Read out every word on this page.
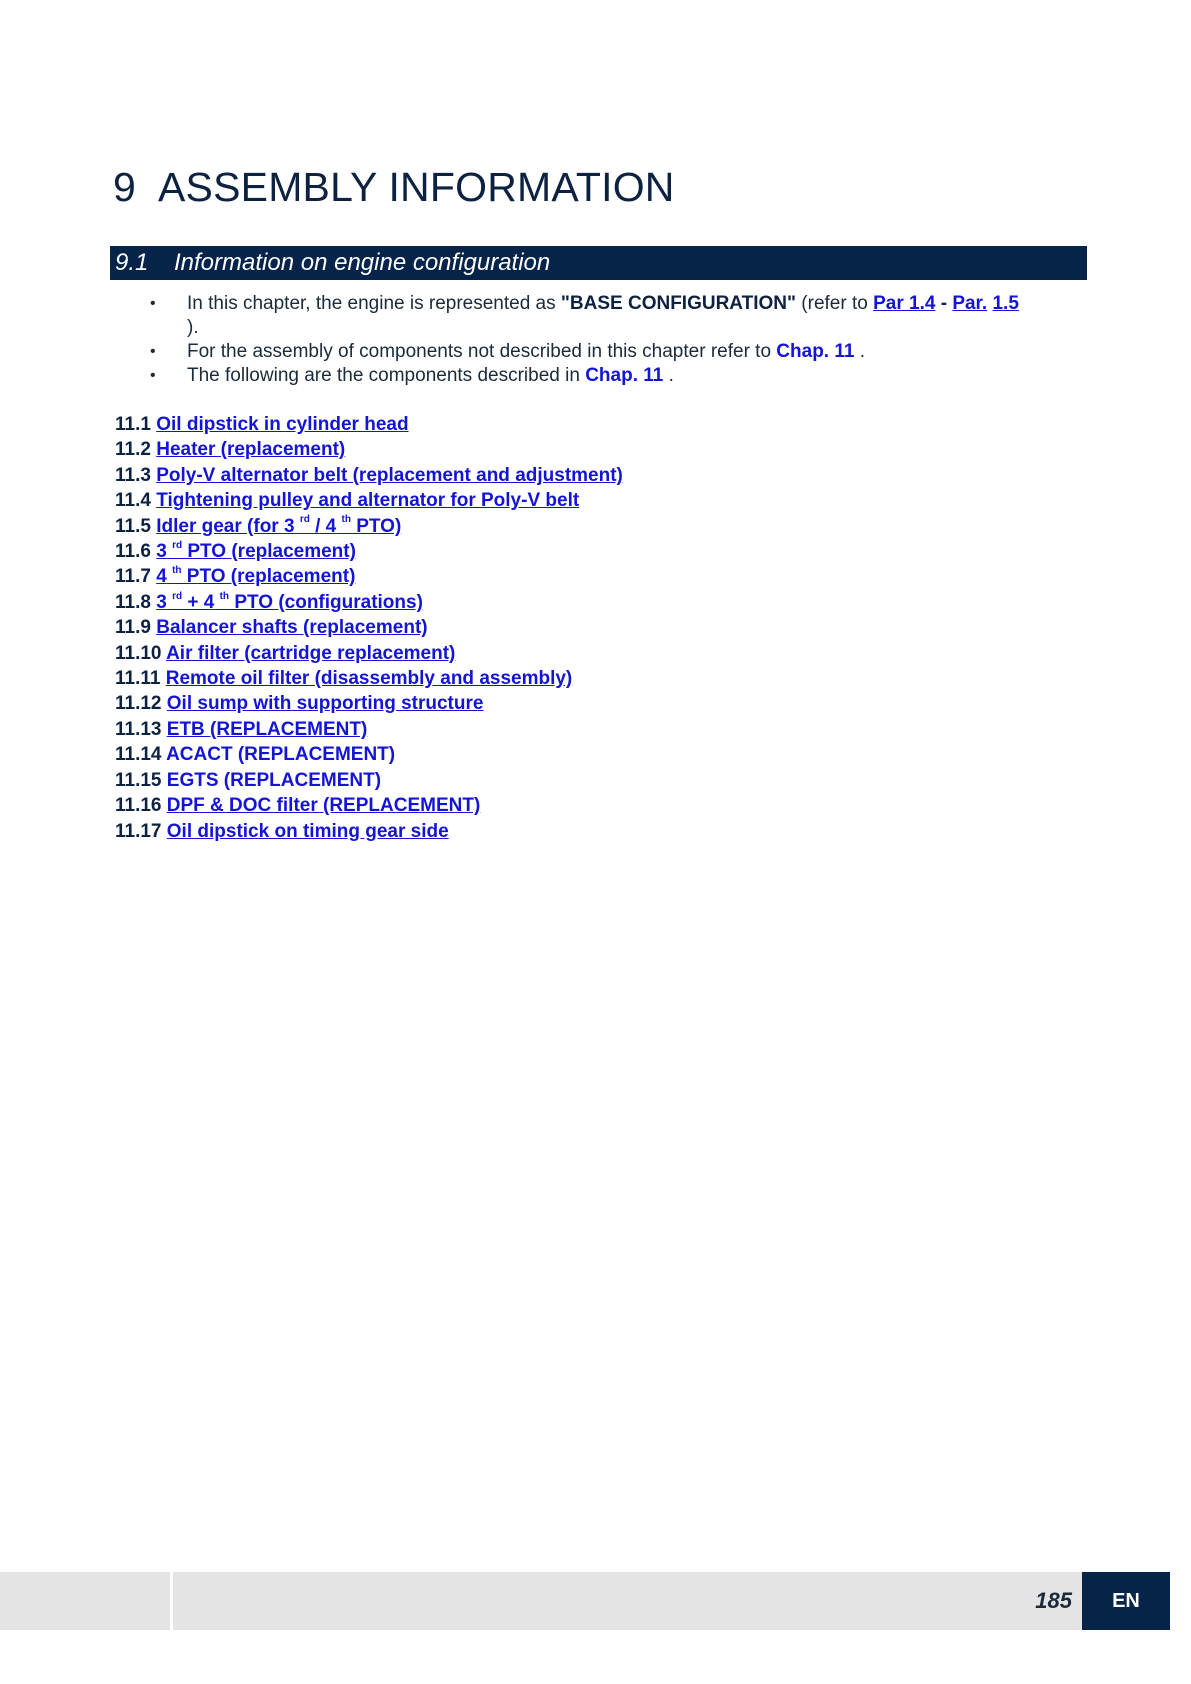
9 ASSEMBLY INFORMATION
9.1 Information on engine configuration
• In this chapter, the engine is represented as "BASE CONFIGURATION" (refer to Par 1.4 - Par. 1.5
).
• For the assembly of components not described in this chapter refer to Chap. 11 .
• The following are the components described in Chap. 11 .
11.1 Oil dipstick in cylinder head
11.2 Heater (replacement)
11.3 Poly-V alternator belt (replacement and adjustment)
11.4 Tightening pulley and alternator for Poly-V belt
11.5 Idler gear (for 3 $^{rd}$ / 4 $^{th}$ PTO)
11.6 3 $^{rd}$ PTO (replacement)
11.7 4 $^{th}$ PTO (replacement)
11.8 3 $^{rd}$ + 4 $^{th}$ PTO (configurations)
11.9 Balancer shafts (replacement)
11.10 Air filter (cartridge replacement)
11.11 Remote oil filter (disassembly and assembly)
11.12 Oil sump with supporting structure
11.13 ETB (REPLACEMENT)
11.14 ACACT (REPLACEMENT)
11.15 EGTS (REPLACEMENT)
11.16 DPF & DOC filter (REPLACEMENT)
11.17 Oil dipstick on timing gear side
185	EN
